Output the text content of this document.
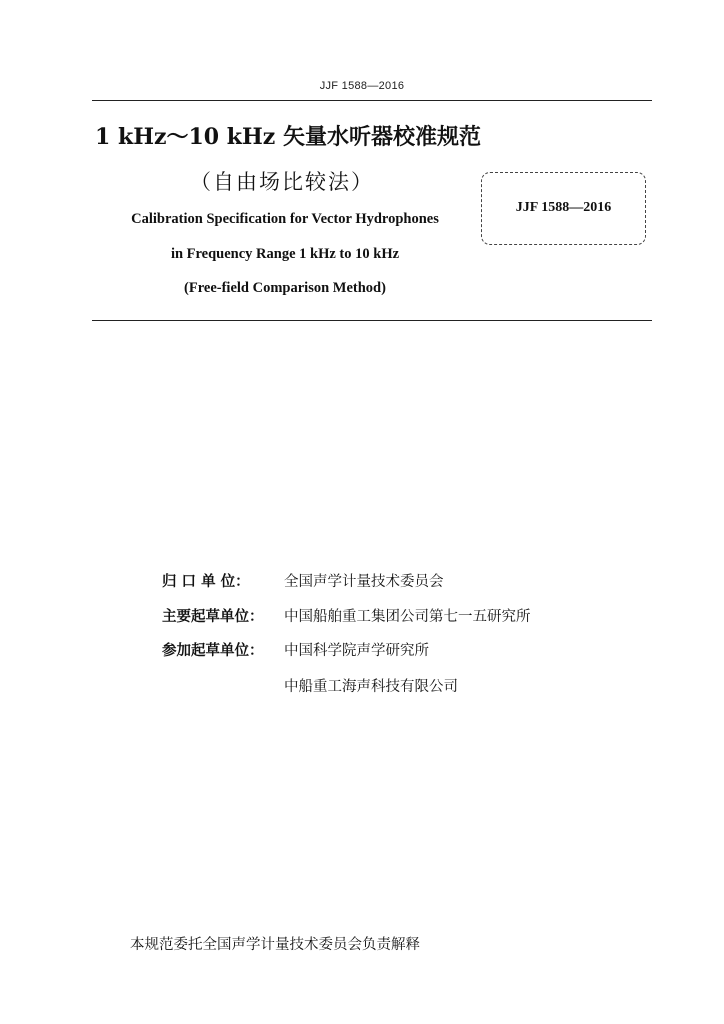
JJF 1588—2016
1 kHz～10 kHz 矢量水听器校准规范
（自由场比较法）
Calibration Specification for Vector Hydrophones
in Frequency Range 1 kHz to 10 kHz
(Free-field Comparison Method)
JJF 1588—2016
归 口 单 位： 全国声学计量技术委员会
主要起草单位： 中国船舶重工集团公司第七一五研究所
参加起草单位： 中国科学院声学研究所
中船重工海声科技有限公司
本规范委托全国声学计量技术委员会负责解释
